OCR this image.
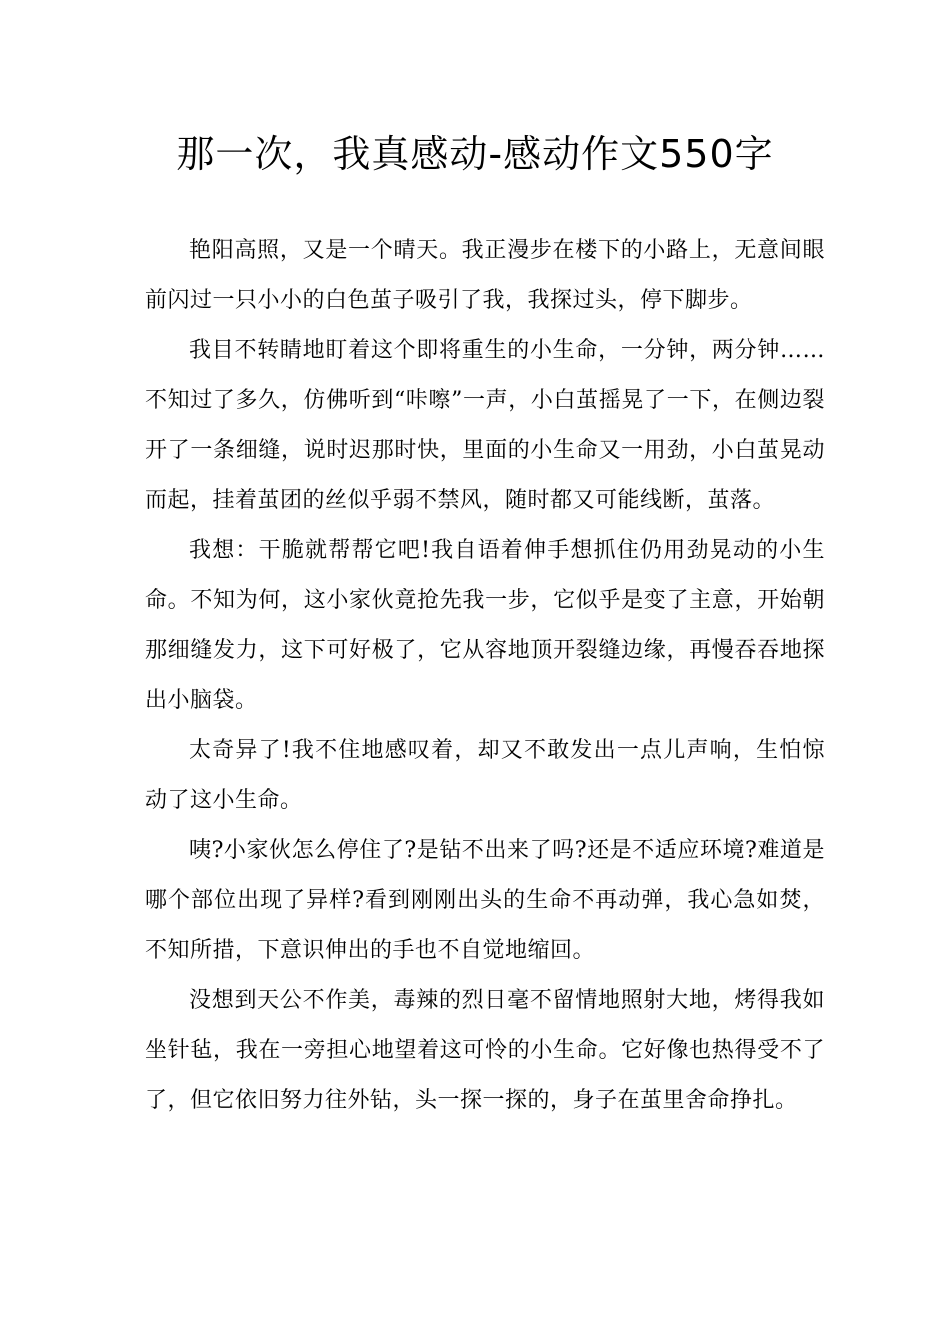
那一次，我真感动-感动作文550字

艳阳高照，又是一个晴天。我正漫步在楼下的小路上，无意间眼前闪过一只小小的白色茧子吸引了我，我探过头，停下脚步。

我目不转睛地盯着这个即将重生的小生命，一分钟，两分钟……不知过了多久，仿佛听到“咔嚓”一声，小白茧摇晃了一下，在侧边裂开了一条细缝，说时迟那时快，里面的小生命又一用劲，小白茧晃动而起，挂着茧团的丝似乎弱不禁风，随时都又可能线断，茧落。

我想：干脆就帮帮它吧!我自语着伸手想抓住仍用劲晃动的小生命。不知为何，这小家伙竟抢先我一步，它似乎是变了主意，开始朝那细缝发力，这下可好极了，它从容地顶开裂缝边缘，再慢吞吞地探出小脑袋。

太奇异了!我不住地感叹着，却又不敢发出一点儿声响，生怕惊动了这小生命。

咦?小家伙怎么停住了?是钻不出来了吗?还是不适应环境?难道是哪个部位出现了异样?看到刚刚出头的生命不再动弹，我心急如焚，不知所措，下意识伸出的手也不自觉地缩回。

没想到天公不作美，毒辣的烈日毫不留情地照射大地，烤得我如坐针毡，我在一旁担心地望着这可怜的小生命。它好像也热得受不了了，但它依旧努力往外钻，头一探一探的，身子在茧里舍命挣扎。
